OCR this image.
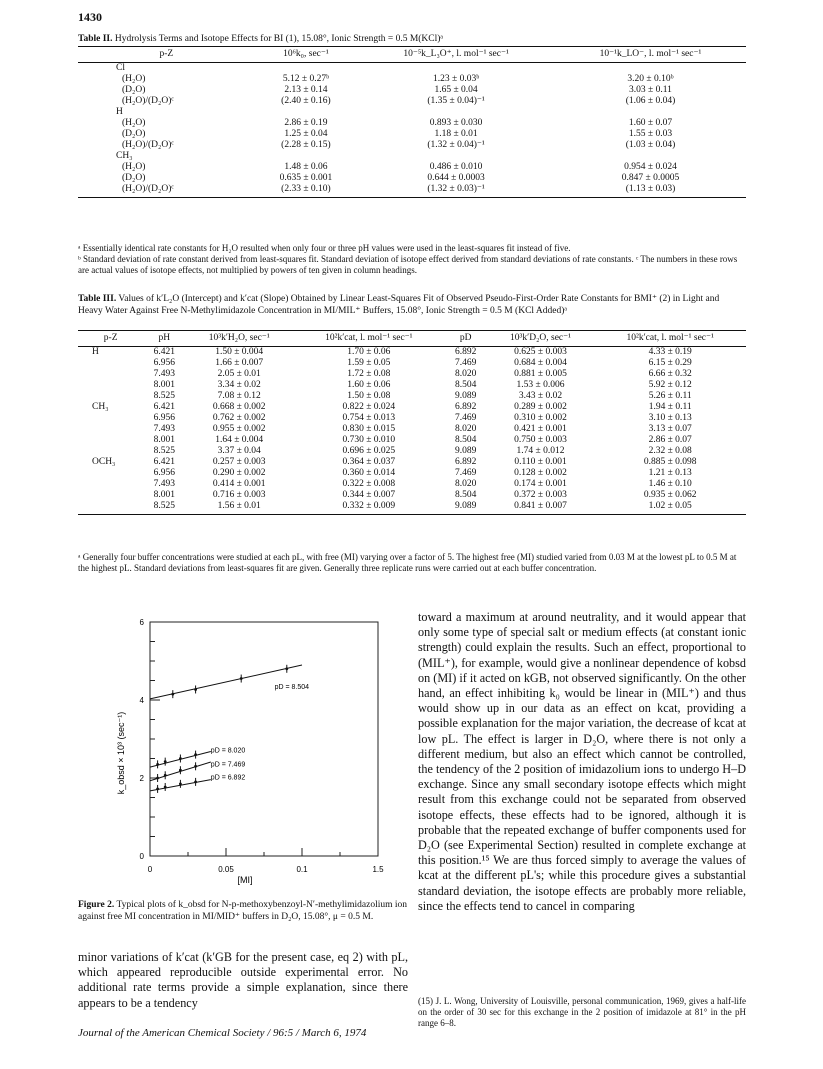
1430
Table II. Hydrolysis Terms and Isotope Effects for BI (1), 15.08°, Ionic Strength = 0.5 M(KCl)ᵃ
p-Z	10⁶k₀, sec⁻¹	10⁻⁵k_L₃O⁺, l. mol⁻¹ sec⁻¹	10⁻¹k_LO⁻, l. mol⁻¹ sec⁻¹
Cl			
(H₂O)	5.12 ± 0.27ᵇ	1.23 ± 0.03ᵇ	3.20 ± 0.10ᵇ
(D₂O)	2.13 ± 0.14	1.65 ± 0.04	3.03 ± 0.11
(H₂O)/(D₂O)ᶜ	(2.40 ± 0.16)	(1.35 ± 0.04)⁻¹	(1.06 ± 0.04)
H			
(H₂O)	2.86 ± 0.19	0.893 ± 0.030	1.60 ± 0.07
(D₂O)	1.25 ± 0.04	1.18 ± 0.01	1.55 ± 0.03
(H₂O)/(D₂O)ᶜ	(2.28 ± 0.15)	(1.32 ± 0.04)⁻¹	(1.03 ± 0.04)
CH₃			
(H₂O)	1.48 ± 0.06	0.486 ± 0.010	0.954 ± 0.024
(D₂O)	0.635 ± 0.001	0.644 ± 0.0003	0.847 ± 0.0005
(H₂O)/(D₂O)ᶜ	(2.33 ± 0.10)	(1.32 ± 0.03)⁻¹	(1.13 ± 0.03)
ᵃ Essentially identical rate constants for H₂O resulted when only four or three pH values were used in the least-squares fit instead of five.
ᵇ Standard deviation of rate constant derived from least-squares fit. Standard deviation of isotope effect derived from standard deviations of rate constants. ᶜ The numbers in these rows are actual values of isotope effects, not multiplied by powers of ten given in column headings.
Table III. Values of k′L₂O (Intercept) and k′cat (Slope) Obtained by Linear Least-Squares Fit of Observed Pseudo-First-Order Rate Constants for BMI⁺ (2) in Light and Heavy Water Against Free N-Methylimidazole Concentration in MI/MIL⁺ Buffers, 15.08°, Ionic Strength = 0.5 M (KCl Added)ᵃ
p-Z	pH	10³k′H₂O, sec⁻¹	10²k′cat, l. mol⁻¹ sec⁻¹	pD	10³k′D₂O, sec⁻¹	10²k′cat, l. mol⁻¹ sec⁻¹
H	6.421	1.50 ± 0.004	1.70 ± 0.06	6.892	0.625 ± 0.003	4.33 ± 0.19
	6.956	1.66 ± 0.007	1.59 ± 0.05	7.469	0.684 ± 0.004	6.15 ± 0.29
	7.493	2.05 ± 0.01	1.72 ± 0.08	8.020	0.881 ± 0.005	6.66 ± 0.32
	8.001	3.34 ± 0.02	1.60 ± 0.06	8.504	1.53 ± 0.006	5.92 ± 0.12
	8.525	7.08 ± 0.12	1.50 ± 0.08	9.089	3.43 ± 0.02	5.26 ± 0.11
CH₃	6.421	0.668 ± 0.002	0.822 ± 0.024	6.892	0.289 ± 0.002	1.94 ± 0.11
	6.956	0.762 ± 0.002	0.754 ± 0.013	7.469	0.310 ± 0.002	3.10 ± 0.13
	7.493	0.955 ± 0.002	0.830 ± 0.015	8.020	0.421 ± 0.001	3.13 ± 0.07
	8.001	1.64 ± 0.004	0.730 ± 0.010	8.504	0.750 ± 0.003	2.86 ± 0.07
	8.525	3.37 ± 0.04	0.696 ± 0.025	9.089	1.74 ± 0.012	2.32 ± 0.08
OCH₃	6.421	0.257 ± 0.003	0.364 ± 0.037	6.892	0.110 ± 0.001	0.885 ± 0.098
	6.956	0.290 ± 0.002	0.360 ± 0.014	7.469	0.128 ± 0.002	1.21 ± 0.13
	7.493	0.414 ± 0.001	0.322 ± 0.008	8.020	0.174 ± 0.001	1.46 ± 0.10
	8.001	0.716 ± 0.003	0.344 ± 0.007	8.504	0.372 ± 0.003	0.935 ± 0.062
	8.525	1.56 ± 0.01	0.332 ± 0.009	9.089	0.841 ± 0.007	1.02 ± 0.05
ᵃ Generally four buffer concentrations were studied at each pL, with free (MI) varying over a factor of 5. The highest free (MI) studied varied from 0.03 M at the lowest pL to 0.5 M at the highest pL. Standard deviations from least-squares fit are given. Generally three replicate runs were carried out at each buffer concentration.
0
2
4
6
0	0.05	0.1	1.5
pD = 8.504
pD = 8.020
pD = 7.469
pD = 6.892
k_obsd × 10³ (sec⁻¹)
[MI]
Figure 2. Typical plots of k_obsd for N-p-methoxybenzoyl-N′-methylimidazolium ion against free MI concentration in MI/MID⁺ buffers in D₂O, 15.08°, μ = 0.5 M.
minor variations of k′cat (k′GB for the present case, eq 2) with pL, which appeared reproducible outside experimental error. No additional rate terms provide a simple explanation, since there appears to be a tendency
toward a maximum at around neutrality, and it would appear that only some type of special salt or medium effects (at constant ionic strength) could explain the results. Such an effect, proportional to (MIL⁺), for example, would give a nonlinear dependence of kobsd on (MI) if it acted on kGB, not observed significantly. On the other hand, an effect inhibiting k₀ would be linear in (MIL⁺) and thus would show up in our data as an effect on kcat, providing a possible explanation for the major variation, the decrease of kcat at low pL. The effect is larger in D₂O, where there is not only a different medium, but also an effect which cannot be controlled, the tendency of the 2 position of imidazolium ions to undergo H–D exchange. Since any small secondary isotope effects which might result from this exchange could not be separated from observed isotope effects, these effects had to be ignored, although it is probable that the repeated exchange of buffer components used for D₂O (see Experimental Section) resulted in complete exchange at this position.¹⁵ We are thus forced simply to average the values of kcat at the different pL's; while this procedure gives a substantial standard deviation, the isotope effects are probably more reliable, since the effects tend to cancel in comparing
(15) J. L. Wong, University of Louisville, personal communication, 1969, gives a half-life on the order of 30 sec for this exchange in the 2 position of imidazole at 81° in the pH range 6–8.
Journal of the American Chemical Society / 96:5 / March 6, 1974
